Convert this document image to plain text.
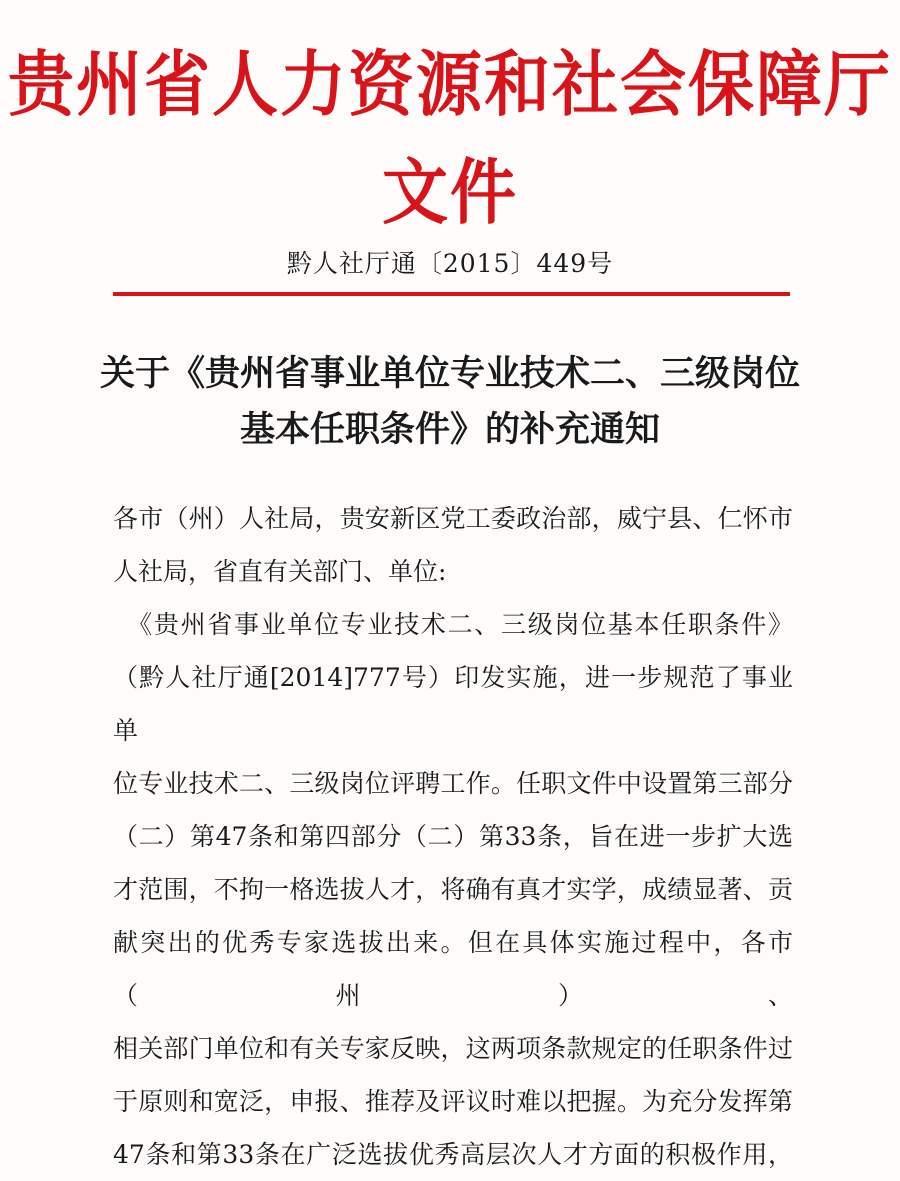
贵州省人力资源和社会保障厅文件
黔人社厅通〔2015〕449号
关于《贵州省事业单位专业技术二、三级岗位
基本任职条件》的补充通知

各市（州）人社局，贵安新区党工委政治部，威宁县、仁怀市

人社局，省直有关部门、单位:

　《贵州省事业单位专业技术二、三级岗位基本任职条件》

（黔人社厅通[2014]777号）印发实施，进一步规范了事业单

位专业技术二、三级岗位评聘工作。任职文件中设置第三部分

（二）第47条和第四部分（二）第33条，旨在进一步扩大选

才范围，不拘一格选拔人才，将确有真才实学，成绩显著、贡

献突出的优秀专家选拔出来。但在具体实施过程中，各市（州）、

相关部门单位和有关专家反映，这两项条款规定的任职条件过

于原则和宽泛，申报、推荐及评议时难以把握。为充分发挥第

47条和第33条在广泛选拔优秀高层次人才方面的积极作用，
